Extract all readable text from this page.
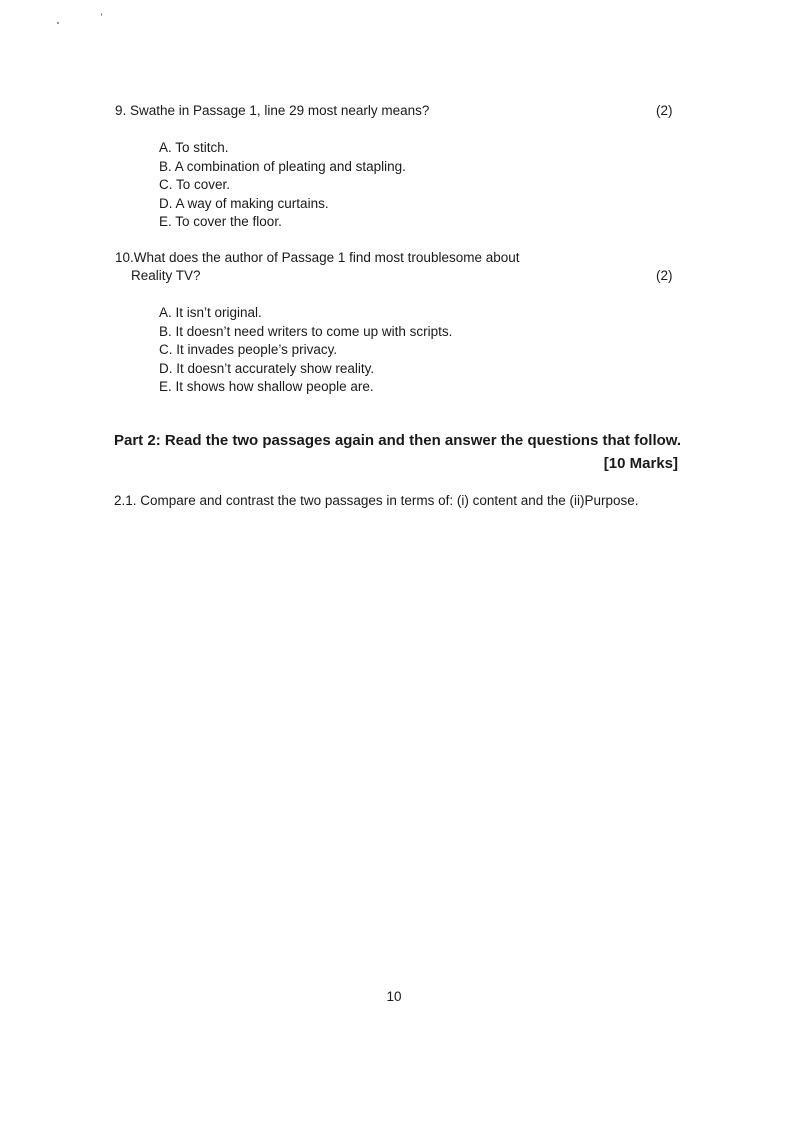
9. Swathe in Passage 1, line 29 most nearly means?	(2)
A. To stitch.
B. A combination of pleating and stapling.
C. To cover.
D. A way of making curtains.
E. To cover the floor.
10.What does the author of Passage 1 find most troublesome about
Reality TV?	(2)
A. It isn’t original.
B. It doesn’t need writers to come up with scripts.
C. It invades people’s privacy.
D. It doesn’t accurately show reality.
E. It shows how shallow people are.
Part 2: Read the two passages again and then answer the questions that follow.
[10 Marks]
2.1. Compare and contrast the two passages in terms of: (i) content and the (ii)Purpose.
10
